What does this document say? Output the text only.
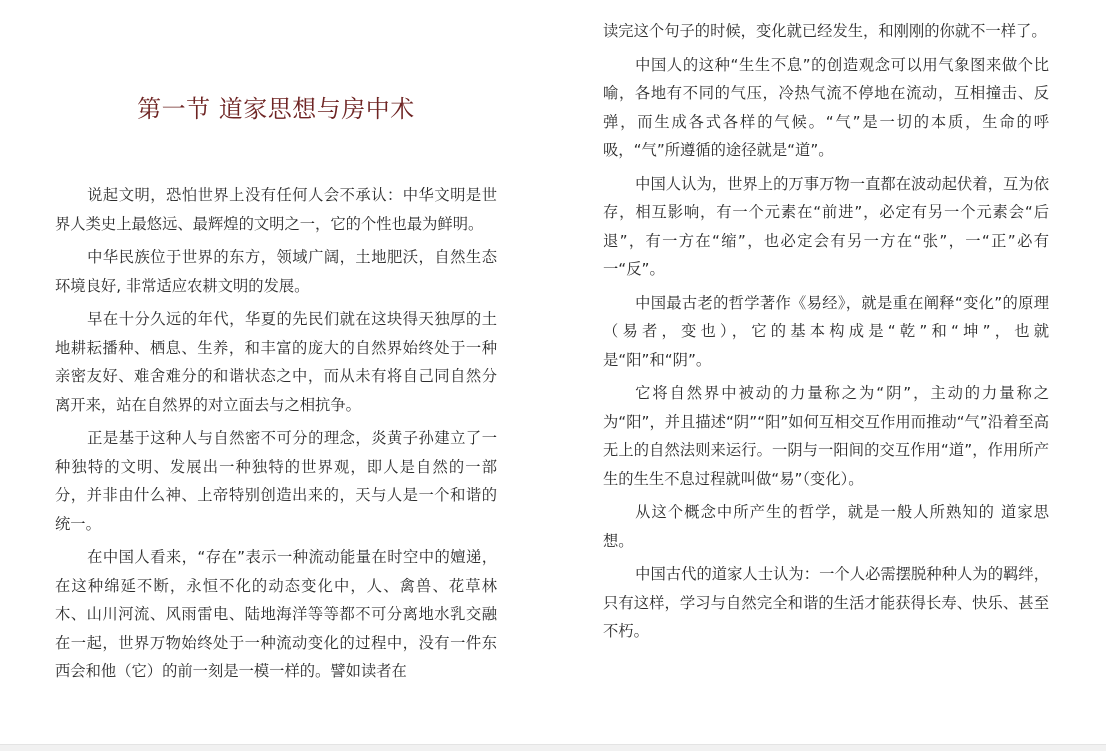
第一节 道家思想与房中术

说起文明，恐怕世界上没有任何人会不承认：中华文明是世界人类史上最悠远、最辉煌的文明之一，它的个性也最为鲜明。

中华民族位于世界的东方，领域广阔，土地肥沃，自然生态环境良好, 非常适应农耕文明的发展。

早在十分久远的年代，华夏的先民们就在这块得天独厚的土地耕耘播种、栖息、生养，和丰富的庞大的自然界始终处于一种亲密友好、难舍难分的和谐状态之中，而从未有将自己同自然分离开来，站在自然界的对立面去与之相抗争。

正是基于这种人与自然密不可分的理念，炎黄子孙建立了一种独特的文明、发展出一种独特的世界观，即人是自然的一部分，并非由什么神、上帝特别创造出来的，天与人是一个和谐的统一。

在中国人看来，“存在”表示一种流动能量在时空中的嬗递，在这种绵延不断，永恒不化的动态变化中，人、禽兽、花草林木、山川河流、风雨雷电、陆地海洋等等都不可分离地水乳交融在一起，世界万物始终处于一种流动变化的过程中，没有一件东西会和他（它）的前一刻是一模一样的。譬如读者在

读完这个句子的时候，变化就已经发生，和刚刚的你就不一样了。

中国人的这种“生生不息”的创造观念可以用气象图来做个比喻，各地有不同的气压，冷热气流不停地在流动，互相撞击、反弹，而生成各式各样的气候。“气”是一切的本质，生命的呼吸，“气”所遵循的途径就是“道”。

中国人认为，世界上的万事万物一直都在波动起伏着，互为依存，相互影响，有一个元素在“前进”，必定有另一个元素会“后退”，有一方在“缩”，也必定会有另一方在“张”，一“正”必有一“反”。

中国最古老的哲学著作《易经》，就是重在阐释“变化”的原理（易者，变也），它的基本构成是“乾”和“坤”，也就是“阳”和“阴”。

它将自然界中被动的力量称之为“阴”，主动的力量称之为“阳”，并且描述“阴”“阳”如何互相交互作用而推动“气”沿着至高无上的自然法则来运行。一阴与一阳间的交互作用“道”，作用所产生的生生不息过程就叫做“易”（变化）。

从这个概念中所产生的哲学，就是一般人所熟知的 道家思想。

中国古代的道家人士认为：一个人必需摆脱种种人为的羁绊，只有这样，学习与自然完全和谐的生活才能获得长寿、快乐、甚至不朽。
